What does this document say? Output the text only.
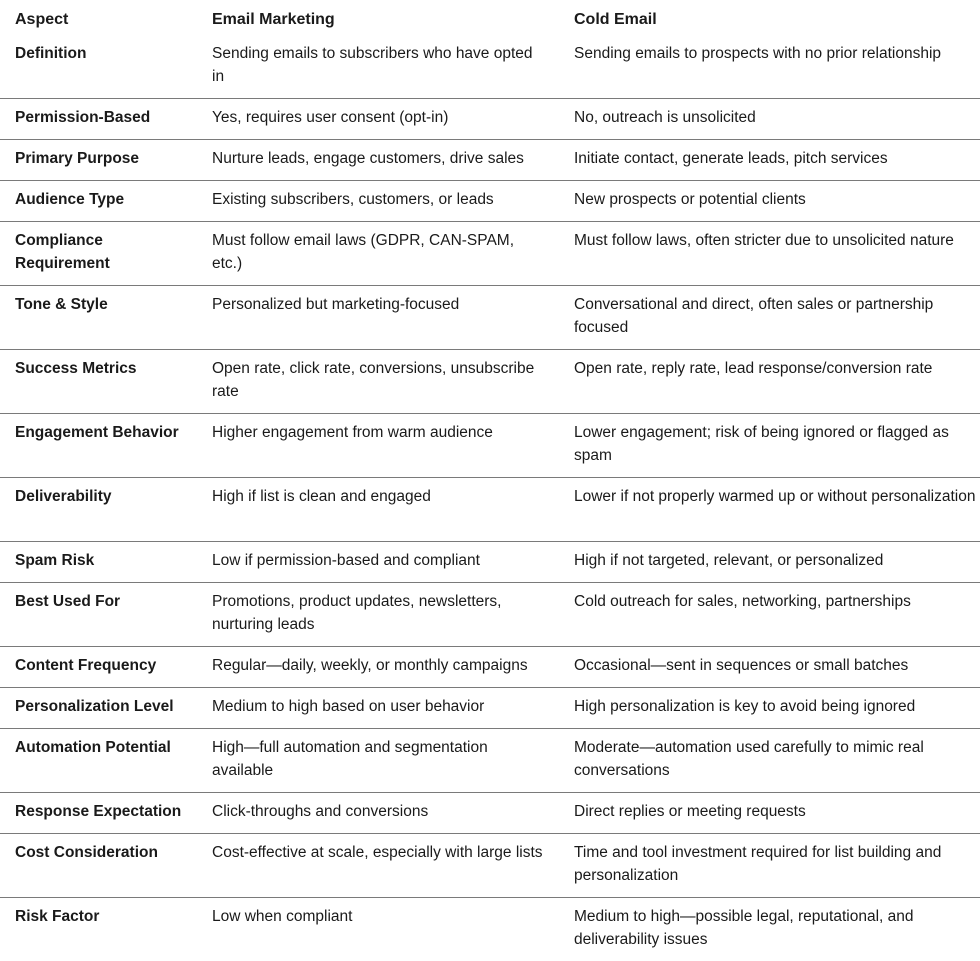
Aspect	Email Marketing	Cold Email
Definition	Sending emails to subscribers who have opted in	Sending emails to prospects with no prior relationship
Permission-Based	Yes, requires user consent (opt-in)	No, outreach is unsolicited
Primary Purpose	Nurture leads, engage customers, drive sales	Initiate contact, generate leads, pitch services
Audience Type	Existing subscribers, customers, or leads	New prospects or potential clients
Compliance Requirement	Must follow email laws (GDPR, CAN-SPAM, etc.)	Must follow laws, often stricter due to unsolicited nature
Tone & Style	Personalized but marketing-focused	Conversational and direct, often sales or partnership focused
Success Metrics	Open rate, click rate, conversions, unsubscribe rate	Open rate, reply rate, lead response/conversion rate
Engagement Behavior	Higher engagement from warm audience	Lower engagement; risk of being ignored or flagged as spam
Deliverability	High if list is clean and engaged	Lower if not properly warmed up or without personalization
Spam Risk	Low if permission-based and compliant	High if not targeted, relevant, or personalized
Best Used For	Promotions, product updates, newsletters, nurturing leads	Cold outreach for sales, networking, partnerships
Content Frequency	Regular—daily, weekly, or monthly campaigns	Occasional—sent in sequences or small batches
Personalization Level	Medium to high based on user behavior	High personalization is key to avoid being ignored
Automation Potential	High—full automation and segmentation available	Moderate—automation used carefully to mimic real conversations
Response Expectation	Click-throughs and conversions	Direct replies or meeting requests
Cost Consideration	Cost-effective at scale, especially with large lists	Time and tool investment required for list building and personalization
Risk Factor	Low when compliant	Medium to high—possible legal, reputational, and deliverability issues
